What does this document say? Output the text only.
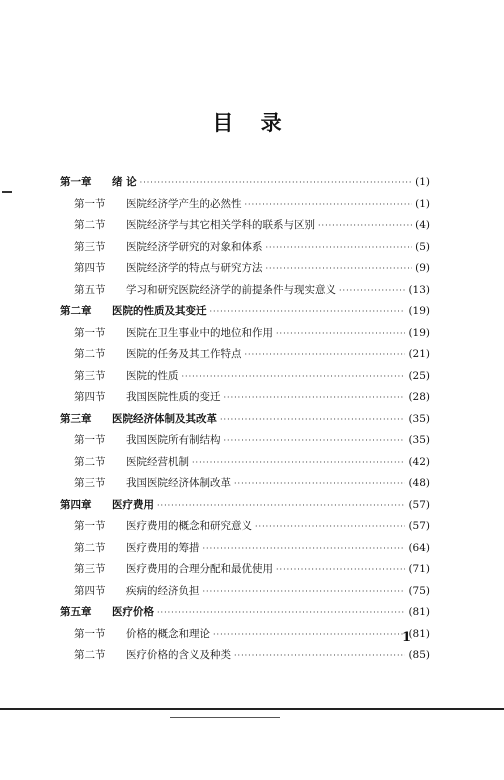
目 录
第一章	绪 论 ·····	(1)
第一节	医院经济学产生的必然性 ·····	(1)
第二节	医院经济学与其它相关学科的联系与区别 ·····	(4)
第三节	医院经济学研究的对象和体系 ·····	(5)
第四节	医院经济学的特点与研究方法 ·····	(9)
第五节	学习和研究医院经济学的前提条件与现实意义 ·····	(13)
第二章	医院的性质及其变迁 ·····	(19)
第一节	医院在卫生事业中的地位和作用 ·····	(19)
第二节	医院的任务及其工作特点 ·····	(21)
第三节	医院的性质 ·····	(25)
第四节	我国医院性质的变迁 ·····	(28)
第三章	医院经济体制及其改革 ·····	(35)
第一节	我国医院所有制结构 ·····	(35)
第二节	医院经营机制 ·····	(42)
第三节	我国医院经济体制改革 ·····	(48)
第四章	医疗费用 ·····	(57)
第一节	医疗费用的概念和研究意义 ·····	(57)
第二节	医疗费用的筹措 ·····	(64)
第三节	医疗费用的合理分配和最优使用 ·····	(71)
第四节	疾病的经济负担 ·····	(75)
第五章	医疗价格 ·····	(81)
第一节	价格的概念和理论 ·····	(81)
第二节	医疗价格的含义及种类 ·····	(85)
1
